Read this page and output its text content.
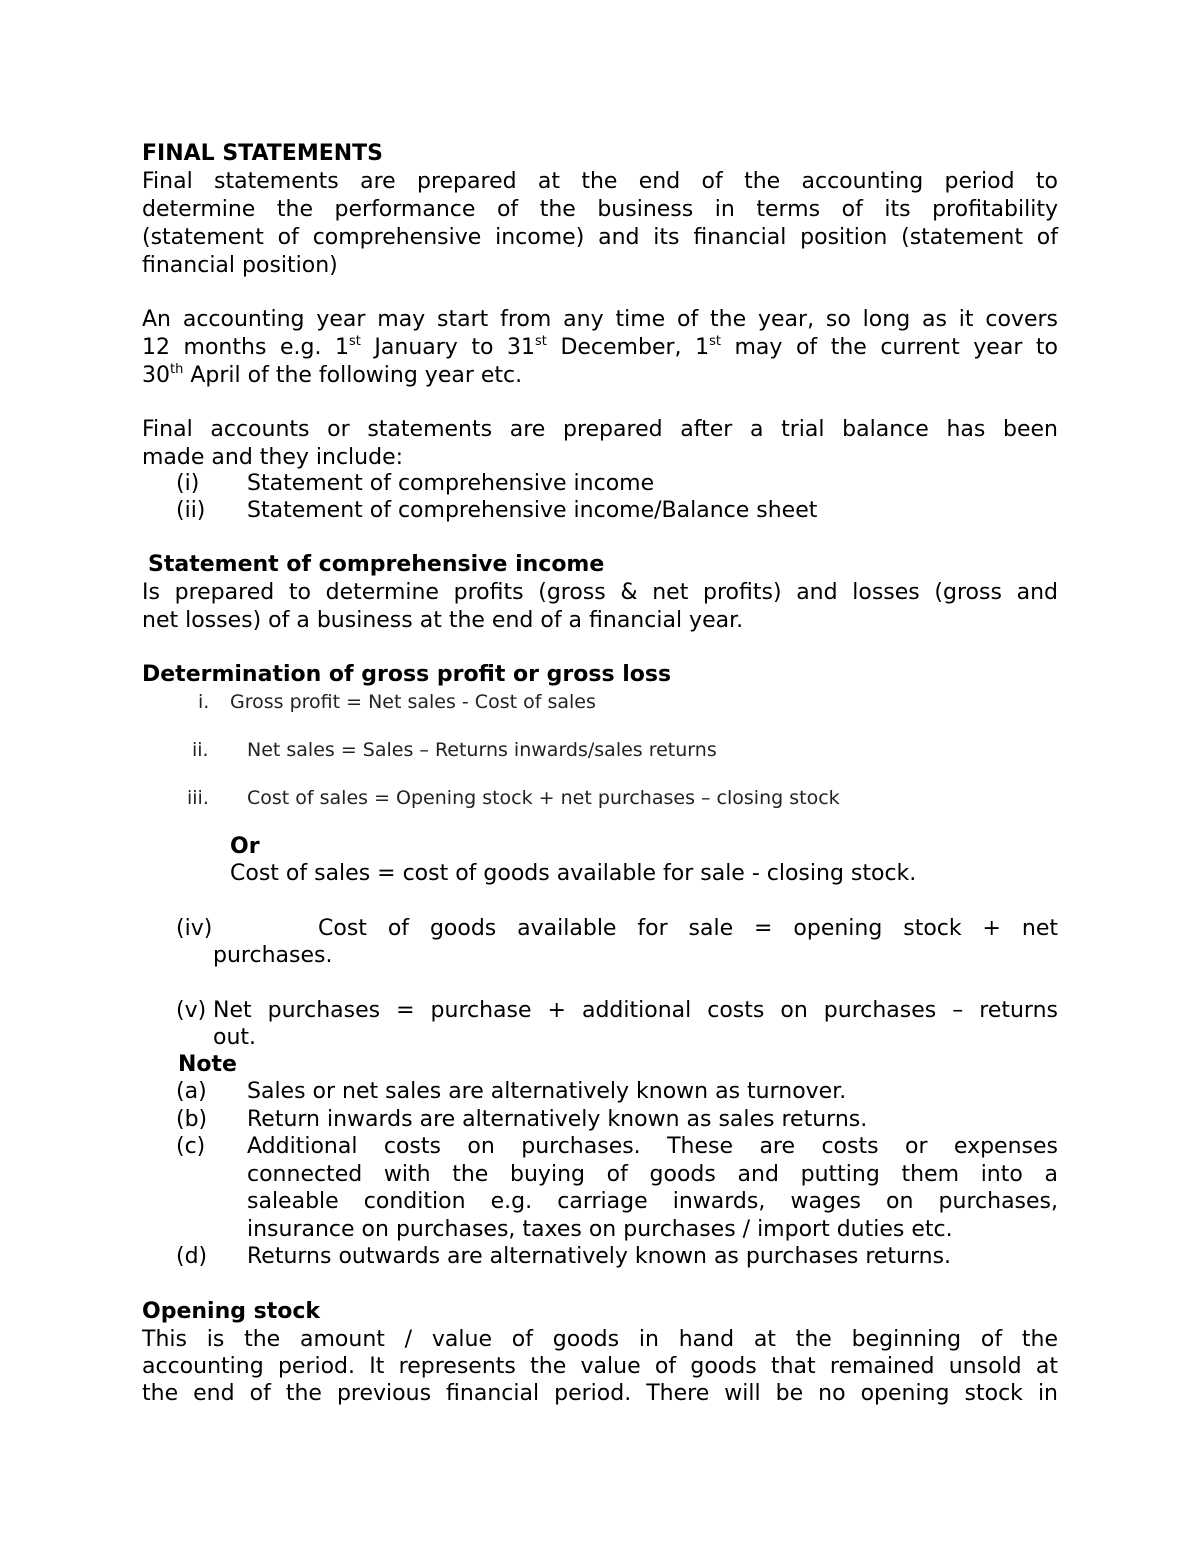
FINAL STATEMENTS
Final statements are prepared at the end of the accounting period to
determine the performance of the business in terms of its profitability
(statement of comprehensive income) and its financial position (statement of
financial position)
An accounting year may start from any time of the year, so long as it covers
12 months e.g. 1st January to 31st December, 1st may of the current year to
30th April of the following year etc.
Final accounts or statements are prepared after a trial balance has been
made and they include:
(i) Statement of comprehensive income
(ii) Statement of comprehensive income/Balance sheet
Statement of comprehensive income
Is prepared to determine profits (gross & net profits) and losses (gross and
net losses) of a business at the end of a financial year.
Determination of gross profit or gross loss
i. Gross profit = Net sales - Cost of sales
ii. Net sales = Sales – Returns inwards/sales returns
iii. Cost of sales = Opening stock + net purchases – closing stock
Or
Cost of sales = cost of goods available for sale - closing stock.
(iv)	Cost of goods available for sale = opening stock + net
purchases.
(v) Net purchases = purchase + additional costs on purchases – returns
out.
Note
(a) Sales or net sales are alternatively known as turnover.
(b) Return inwards are alternatively known as sales returns.
(c) Additional costs on purchases. These are costs or expenses
connected with the buying of goods and putting them into a
saleable condition e.g. carriage inwards, wages on purchases,
insurance on purchases, taxes on purchases / import duties etc.
(d) Returns outwards are alternatively known as purchases returns.
Opening stock
This is the amount / value of goods in hand at the beginning of the
accounting period. It represents the value of goods that remained unsold at
the end of the previous financial period. There will be no opening stock in
